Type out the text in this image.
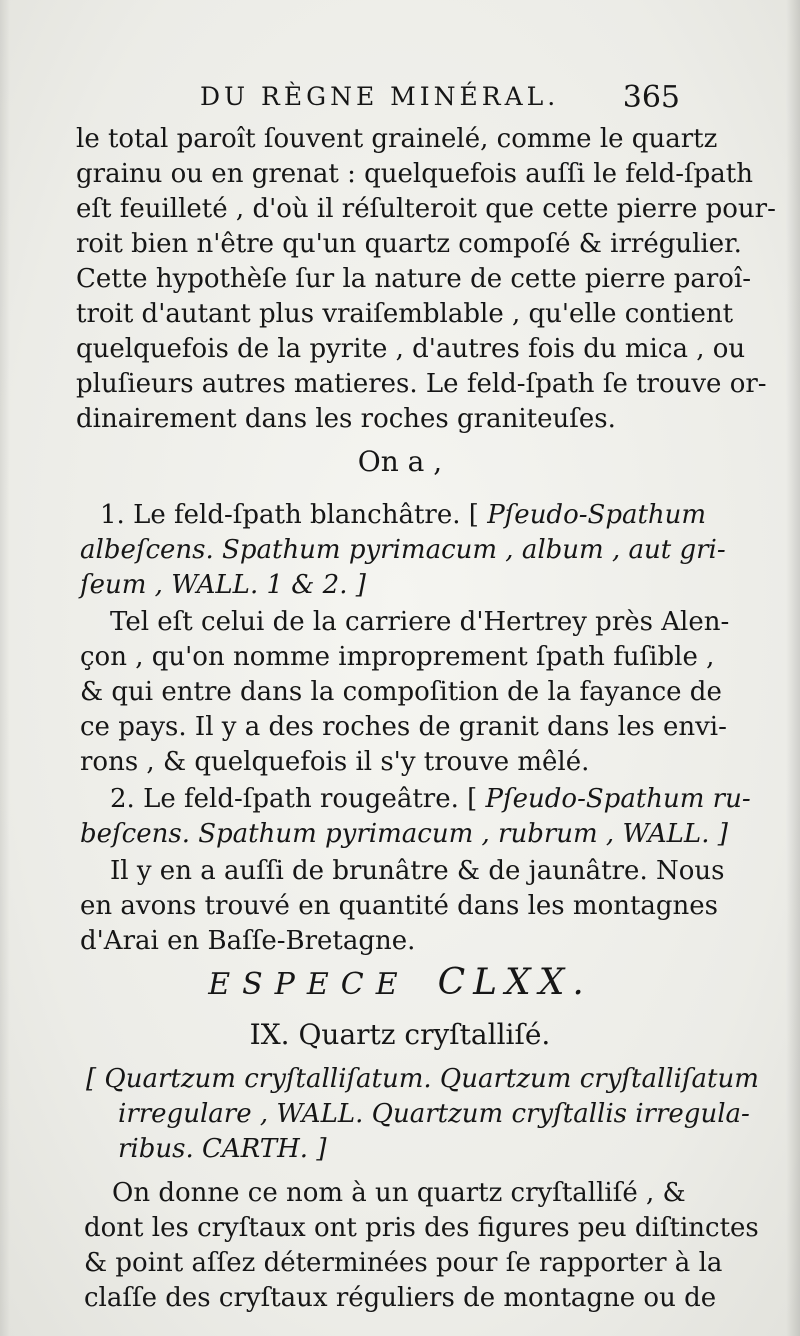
DU RÈGNE MINÉRAL.	365
le total paroît ſouvent grainelé, comme le quartz
grainu ou en grenat : quelquefois auſſi le feld-ſpath
eſt feuilleté , d'où il réſulteroit que cette pierre pour-
roit bien n'être qu'un quartz compoſé & irrégulier.
Cette hypothèſe ſur la nature de cette pierre paroî-
troit d'autant plus vraiſemblable , qu'elle contient
quelquefois de la pyrite , d'autres fois du mica , ou
pluſieurs autres matieres. Le feld-ſpath ſe trouve or-
dinairement dans les roches graniteuſes.
On a ,
1. Le feld-ſpath blanchâtre. [ Pſeudo-Spathum
albeſcens. Spathum pyrimacum , album , aut gri-
ſeum , WALL. 1 & 2. ]
Tel eſt celui de la carriere d'Hertrey près Alen-
çon , qu'on nomme improprement ſpath fuſible ,
& qui entre dans la compoſition de la fayance de
ce pays. Il y a des roches de granit dans les envi-
rons , & quelquefois il s'y trouve mêlé.
2. Le feld-ſpath rougeâtre. [ Pſeudo-Spathum ru-
beſcens. Spathum pyrimacum , rubrum , WALL. ]
Il y en a auſſi de brunâtre & de jaunâtre. Nous
en avons trouvé en quantité dans les montagnes
d'Arai en Baſſe-Bretagne.
ESPECE CLXX.
IX. Quartz cryſtalliſé.
[ Quartzum cryſtalliſatum. Quartzum cryſtalliſatum
irregulare , WALL. Quartzum cryſtallis irregula-
ribus. CARTH. ]
On donne ce nom à un quartz cryſtalliſé , &
dont les cryſtaux ont pris des figures peu diſtinctes
& point aſſez déterminées pour ſe rapporter à la
claſſe des cryſtaux réguliers de montagne ou de
